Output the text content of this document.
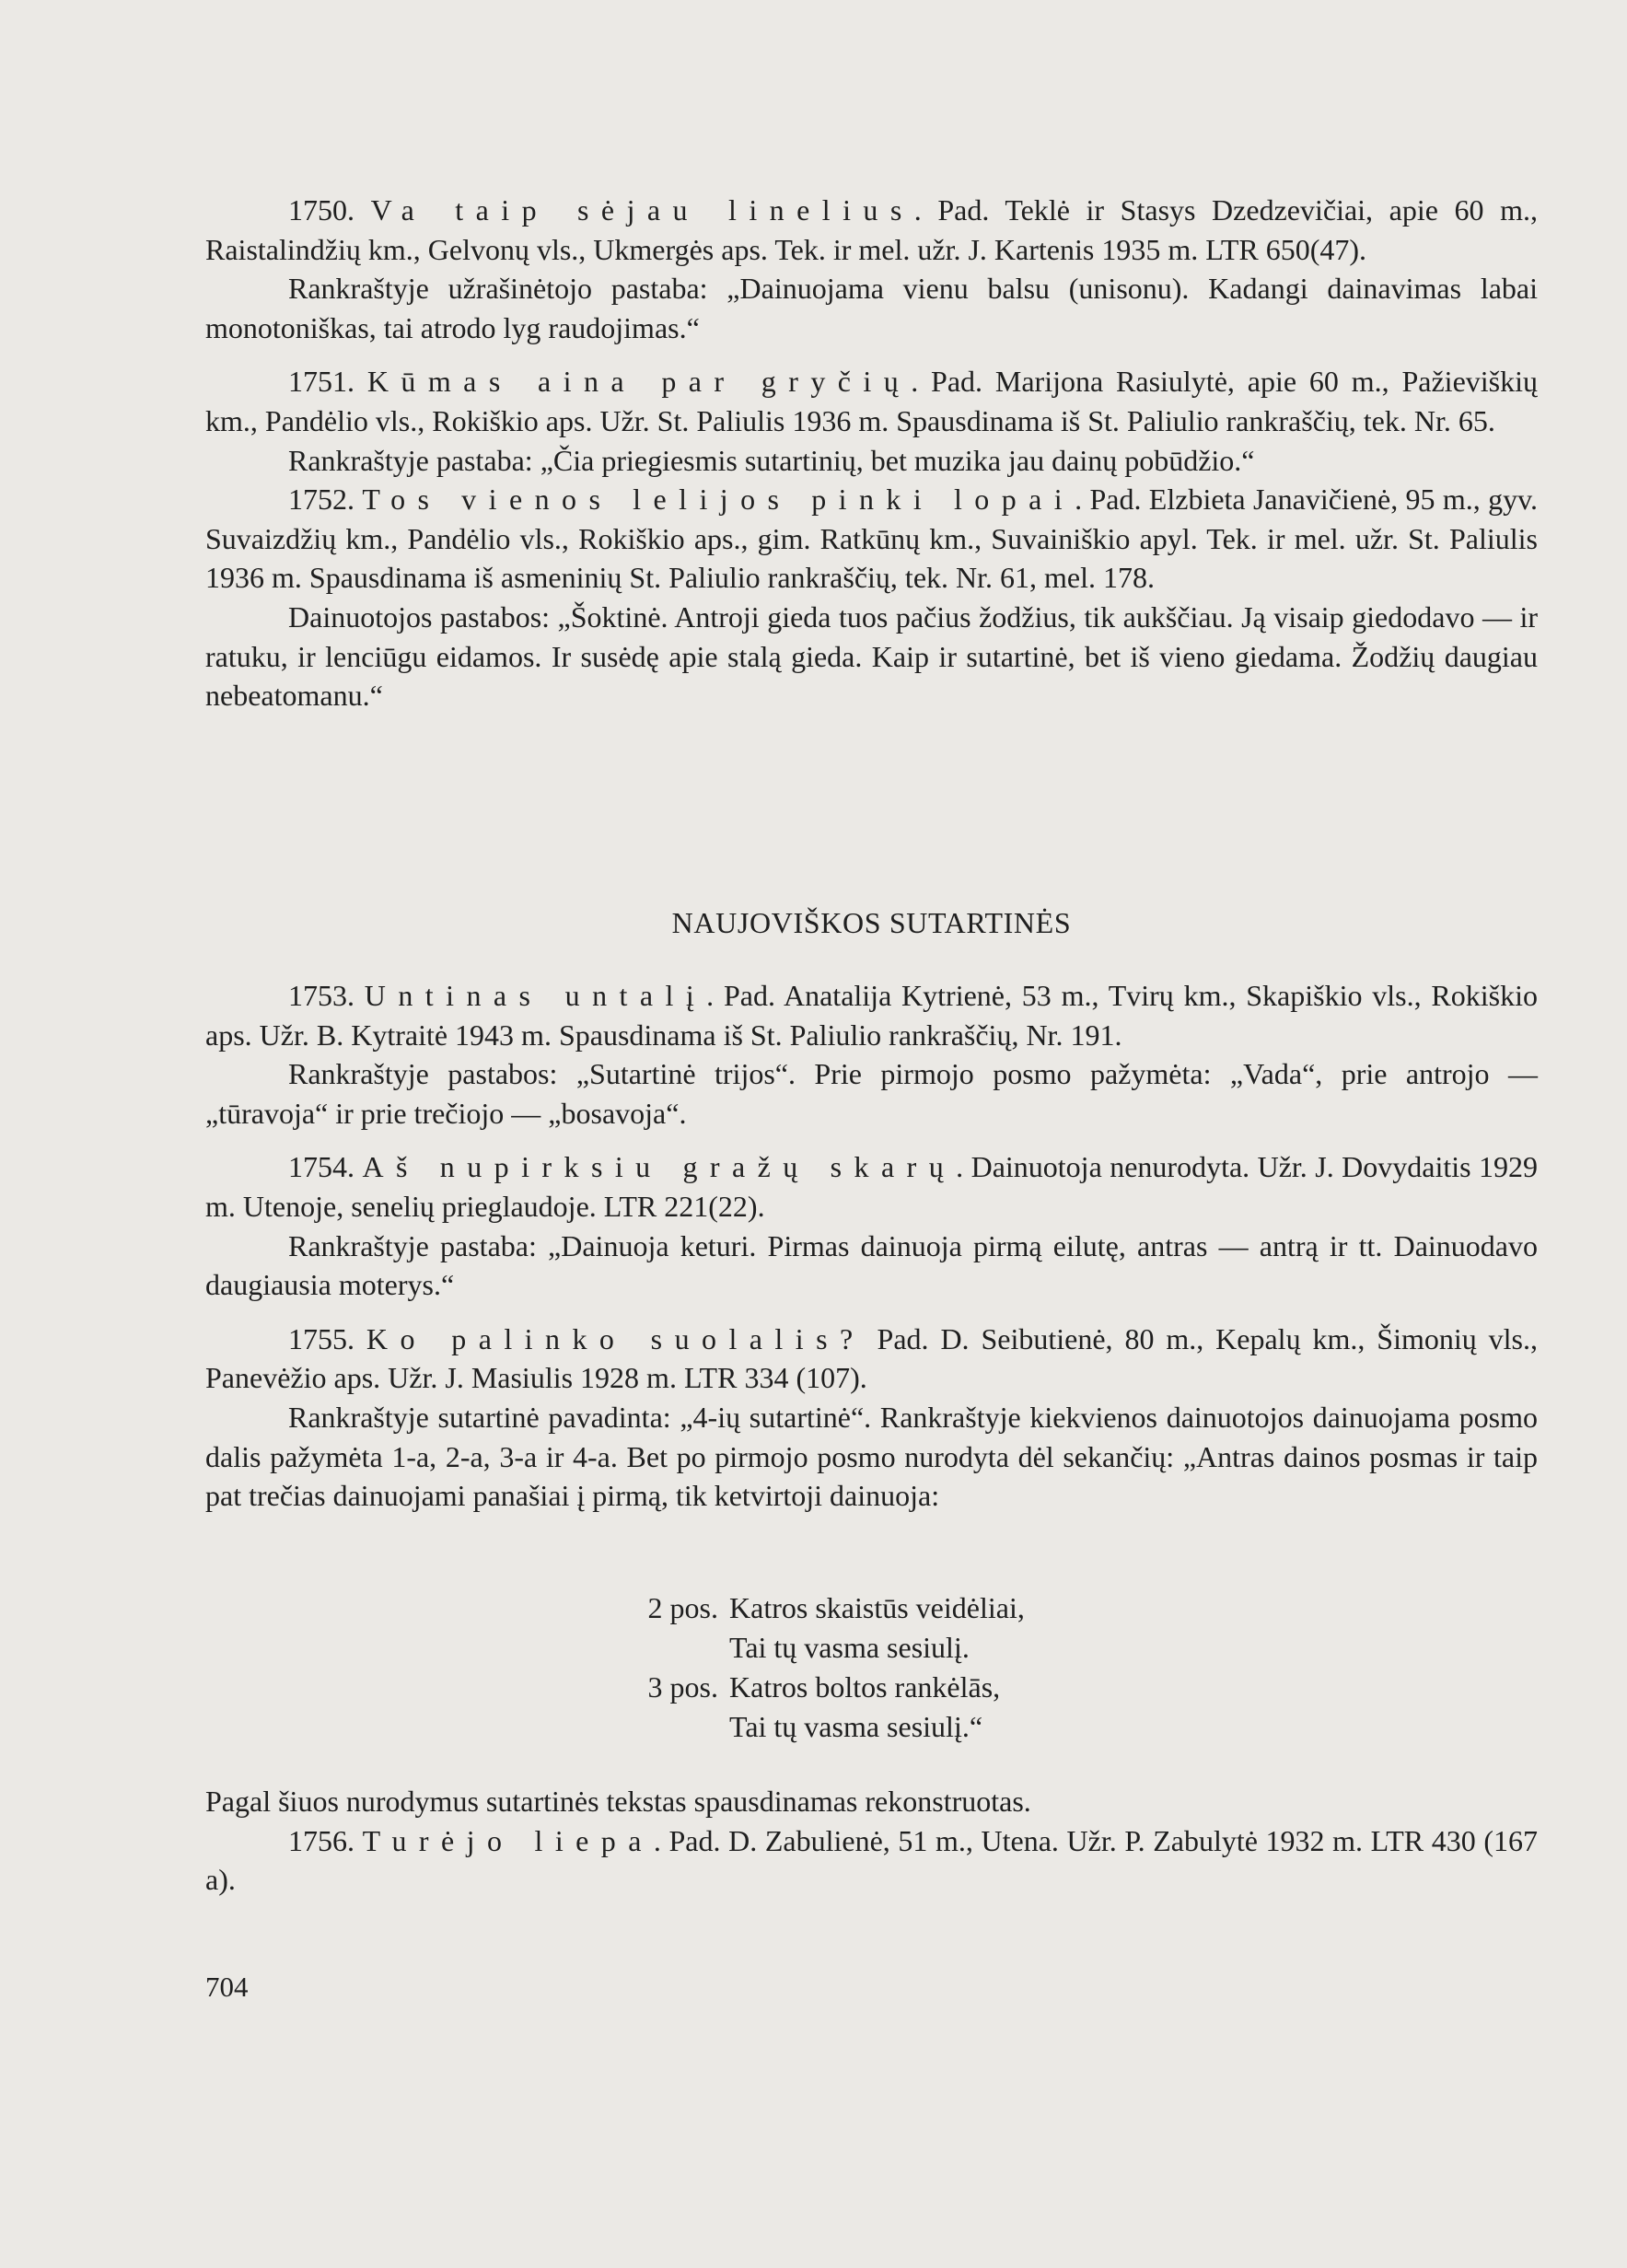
1750. Va taip sėjau linelius. Pad. Teklė ir Stasys Dzedzevičiai, apie 60 m., Raistalindžių km., Gelvonų vls., Ukmergės aps. Tek. ir mel. užr. J. Kartenis 1935 m. LTR 650(47).

Rankraštyje užrašinėtojo pastaba: „Dainuojama vienu balsu (unisonu). Kadangi dainavimas labai monotoniškas, tai atrodo lyg raudojimas.“

1751. Kūmas aina par gryčių. Pad. Marijona Rasiulytė, apie 60 m., Pažieviškių km., Pandėlio vls., Rokiškio aps. Užr. St. Paliulis 1936 m. Spausdinama iš St. Paliulio rankraščių, tek. Nr. 65.

Rankraštyje pastaba: „Čia priegiesmis sutartinių, bet muzika jau dainų pobūdžio.“

1752. Tos vienos lelijos pinki lopai. Pad. Elzbieta Janavičienė, 95 m., gyv. Suvaizdžių km., Pandėlio vls., Rokiškio aps., gim. Ratkūnų km., Suvainiškio apyl. Tek. ir mel. užr. St. Paliulis 1936 m. Spausdinama iš asmeninių St. Paliulio rankraščių, tek. Nr. 61, mel. 178.

Dainuotojos pastabos: „Šoktinė. Antroji gieda tuos pačius žodžius, tik aukščiau. Ją visaip giedodavo — ir ratuku, ir lenciūgu eidamos. Ir susėdę apie stalą gieda. Kaip ir sutartinė, bet iš vieno giedama. Žodžių daugiau nebeatomanu.“

NAUJOVIŠKOS SUTARTINĖS

1753. Untinas untalį. Pad. Anatalija Kytrienė, 53 m., Tvirų km., Skapiškio vls., Rokiškio aps. Užr. B. Kytraitė 1943 m. Spausdinama iš St. Paliulio rankraščių, Nr. 191.

Rankraštyje pastabos: „Sutartinė trijos“. Prie pirmojo posmo pažymėta: „Vada“, prie antrojo — „tūravoja“ ir prie trečiojo — „bosavoja“.

1754. Aš nupirksiu gražų skarų. Dainuotoja nenurodyta. Užr. J. Dovydaitis 1929 m. Utenoje, senelių prieglaudoje. LTR 221(22).

Rankraštyje pastaba: „Dainuoja keturi. Pirmas dainuoja pirmą eilutę, antras — antrą ir tt. Dainuodavo daugiausia moterys.“

1755. Ko palinko suolalis? Pad. D. Seibutienė, 80 m., Kepalų km., Šimonių vls., Panevėžio aps. Užr. J. Masiulis 1928 m. LTR 334 (107).

Rankraštyje sutartinė pavadinta: „4-ių sutartinė“. Rankraštyje kiekvienos dainuotojos dainuojama posmo dalis pažymėta 1-a, 2-a, 3-a ir 4-a. Bet po pirmojo posmo nurodyta dėl sekančių: „Antras dainos posmas ir taip pat trečias dainuojami panašiai į pirmą, tik ketvirtoji dainuoja:

2 pos. Katros skaistūs veidėliai,
Tai tų vasma sesiulį.
3 pos. Katros boltos rankėlās,
Tai tų vasma sesiulį.“

Pagal šiuos nurodymus sutartinės tekstas spausdinamas rekonstruotas.

1756. Turėjo liepa. Pad. D. Zabulienė, 51 m., Utena. Užr. P. Zabulytė 1932 m. LTR 430 (167 a).

704
